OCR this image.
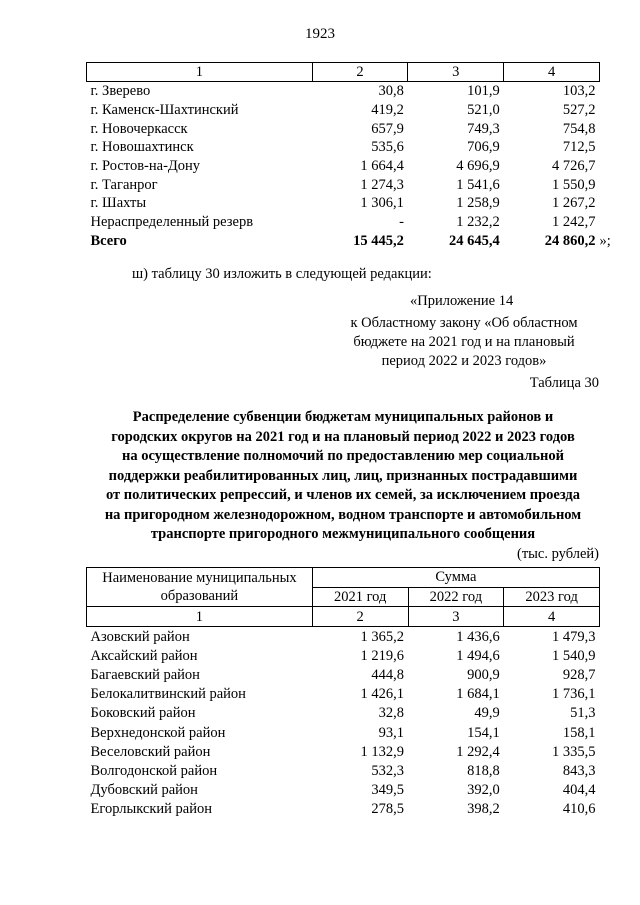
1923
1	2	3	4
г. Зверево	30,8	101,9	103,2
г. Каменск-Шахтинский	419,2	521,0	527,2
г. Новочеркасск	657,9	749,3	754,8
г. Новошахтинск	535,6	706,9	712,5
г. Ростов-на-Дону	1 664,4	4 696,9	4 726,7
г. Таганрог	1 274,3	1 541,6	1 550,9
г. Шахты	1 306,1	1 258,9	1 267,2
Нераспределенный резерв	-	1 232,2	1 242,7
Всего	15 445,2	24 645,4	24 860,2 »;
ш) таблицу 30 изложить в следующей редакции:
«Приложение 14
к Областному закону «Об областном
бюджете на 2021 год и на плановый
период 2022 и 2023 годов»
Таблица 30
Распределение субвенции бюджетам муниципальных районов и
городских округов на 2021 год и на плановый период 2022 и 2023 годов
на осуществление полномочий по предоставлению мер социальной
поддержки реабилитированных лиц, лиц, признанных пострадавшими
от политических репрессий, и членов их семей, за исключением проезда
на пригородном железнодорожном, водном транспорте и автомобильном
транспорте пригородного межмуниципального сообщения
(тыс. рублей)
Наименование муниципальных
образований	Сумма		
	2021 год	2022 год	2023 год
1	2	3	4
Азовский район	1 365,2	1 436,6	1 479,3
Аксайский район	1 219,6	1 494,6	1 540,9
Багаевский район	444,8	900,9	928,7
Белокалитвинский район	1 426,1	1 684,1	1 736,1
Боковский район	32,8	49,9	51,3
Верхнедонской район	93,1	154,1	158,1
Веселовский район	1 132,9	1 292,4	1 335,5
Волгодонской район	532,3	818,8	843,3
Дубовский район	349,5	392,0	404,4
Егорлыкский район	278,5	398,2	410,6
